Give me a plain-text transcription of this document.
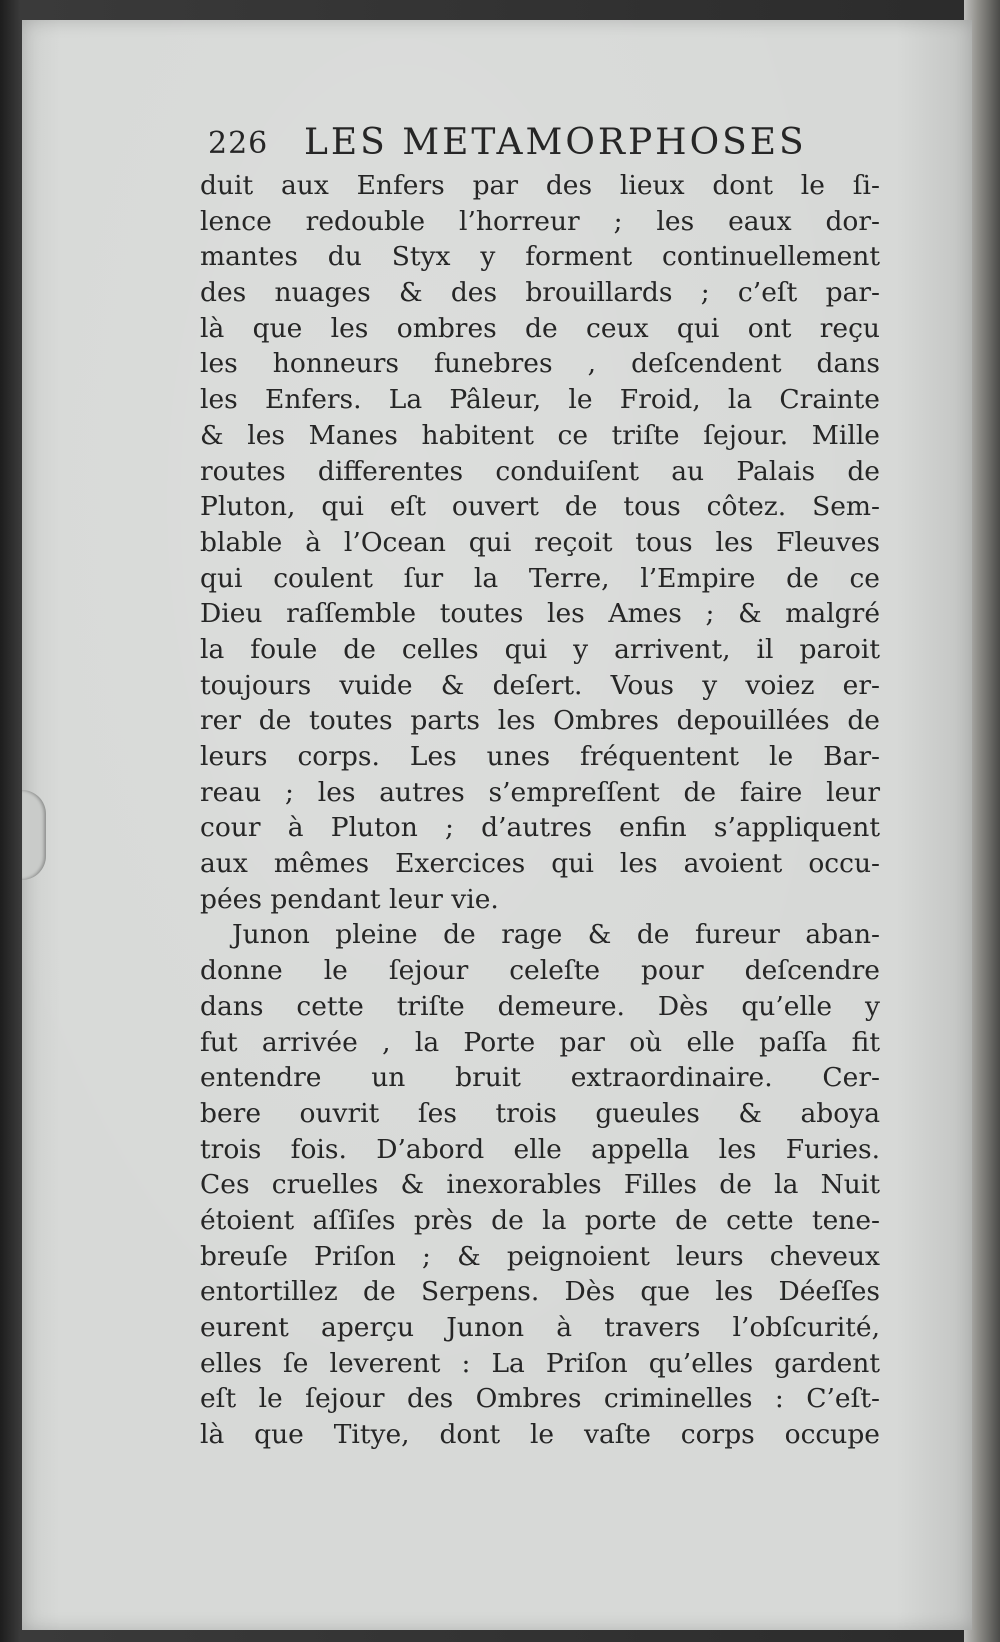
226 LES METAMORPHOSES
duit aux Enfers par des lieux dont le ſi-
lence redouble l’horreur ; les eaux dor-
mantes du Styx y forment continuellement
des nuages & des brouillards ; c’eſt par-
là que les ombres de ceux qui ont reçu
les honneurs funebres , deſcendent dans
les Enfers. La Pâleur, le Froid, la Crainte
& les Manes habitent ce triſte ſejour. Mille
routes differentes conduiſent au Palais de
Pluton, qui eſt ouvert de tous côtez. Sem-
blable à l’Ocean qui reçoit tous les Fleuves
qui coulent ſur la Terre, l’Empire de ce
Dieu raſſemble toutes les Ames ; & malgré
la foule de celles qui y arrivent, il paroit
toujours vuide & deſert. Vous y voiez er-
rer de toutes parts les Ombres depouillées de
leurs corps. Les unes fréquentent le Bar-
reau ; les autres s’empreſſent de faire leur
cour à Pluton ; d’autres enfin s’appliquent
aux mêmes Exercices qui les avoient occu-
pées pendant leur vie.
Junon pleine de rage & de fureur aban-
donne le ſejour celeſte pour deſcendre
dans cette triſte demeure. Dès qu’elle y
fut arrivée , la Porte par où elle paſſa fit
entendre un bruit extraordinaire. Cer-
bere ouvrit ſes trois gueules & aboya
trois fois. D’abord elle appella les Furies.
Ces cruelles & inexorables Filles de la Nuit
étoient aſſiſes près de la porte de cette tene-
breuſe Priſon ; & peignoient leurs cheveux
entortillez de Serpens. Dès que les Déeſſes
eurent aperçu Junon à travers l’obſcurité,
elles ſe leverent : La Priſon qu’elles gardent
eſt le ſejour des Ombres criminelles : C’eſt-
là que Titye, dont le vaſte corps occupe
